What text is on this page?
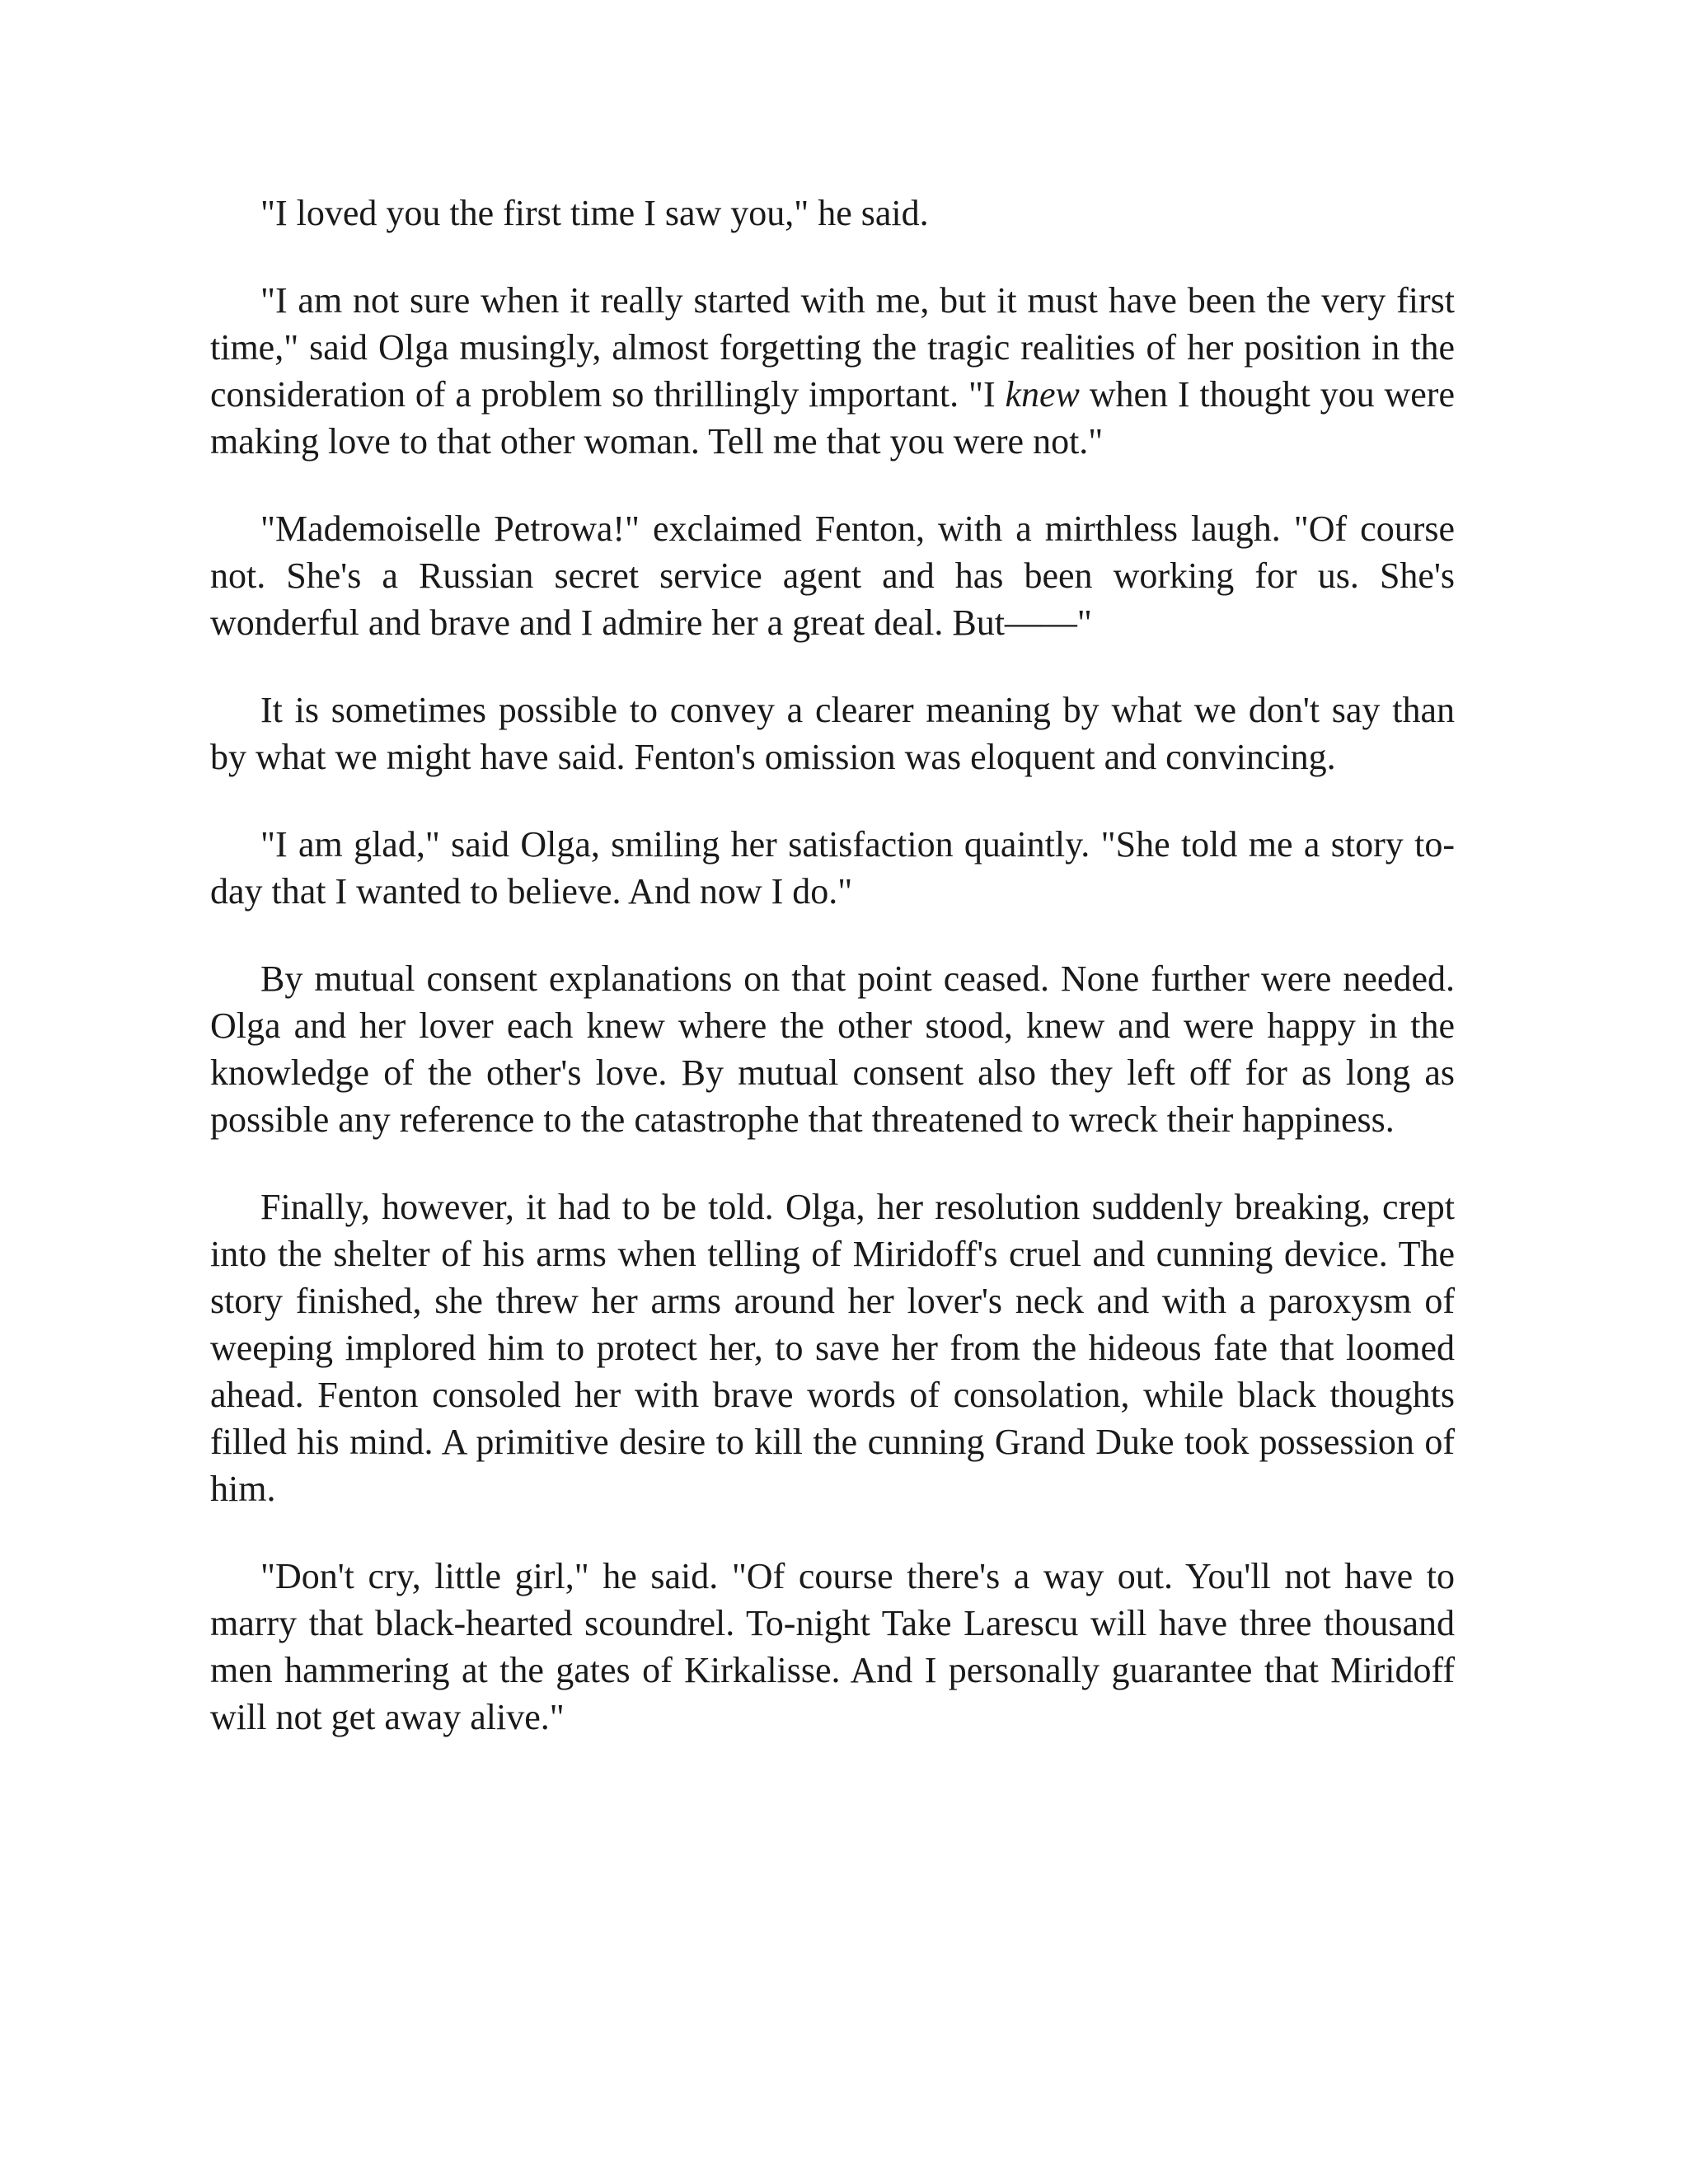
"I loved you the first time I saw you," he said.

"I am not sure when it really started with me, but it must have been the very first time," said Olga musingly, almost forgetting the tragic realities of her position in the consideration of a problem so thrillingly important. "I knew when I thought you were making love to that other woman. Tell me that you were not."

"Mademoiselle Petrowa!" exclaimed Fenton, with a mirthless laugh. "Of course not. She's a Russian secret service agent and has been working for us. She's wonderful and brave and I admire her a great deal. But——"

It is sometimes possible to convey a clearer meaning by what we don't say than by what we might have said. Fenton's omission was eloquent and convincing.

"I am glad," said Olga, smiling her satisfaction quaintly. "She told me a story to-day that I wanted to believe. And now I do."

By mutual consent explanations on that point ceased. None further were needed. Olga and her lover each knew where the other stood, knew and were happy in the knowledge of the other's love. By mutual consent also they left off for as long as possible any reference to the catastrophe that threatened to wreck their happiness.

Finally, however, it had to be told. Olga, her resolution suddenly breaking, crept into the shelter of his arms when telling of Miridoff's cruel and cunning device. The story finished, she threw her arms around her lover's neck and with a paroxysm of weeping implored him to protect her, to save her from the hideous fate that loomed ahead. Fenton consoled her with brave words of consolation, while black thoughts filled his mind. A primitive desire to kill the cunning Grand Duke took possession of him.

"Don't cry, little girl," he said. "Of course there's a way out. You'll not have to marry that black-hearted scoundrel. To-night Take Larescu will have three thousand men hammering at the gates of Kirkalisse. And I personally guarantee that Miridoff will not get away alive."
